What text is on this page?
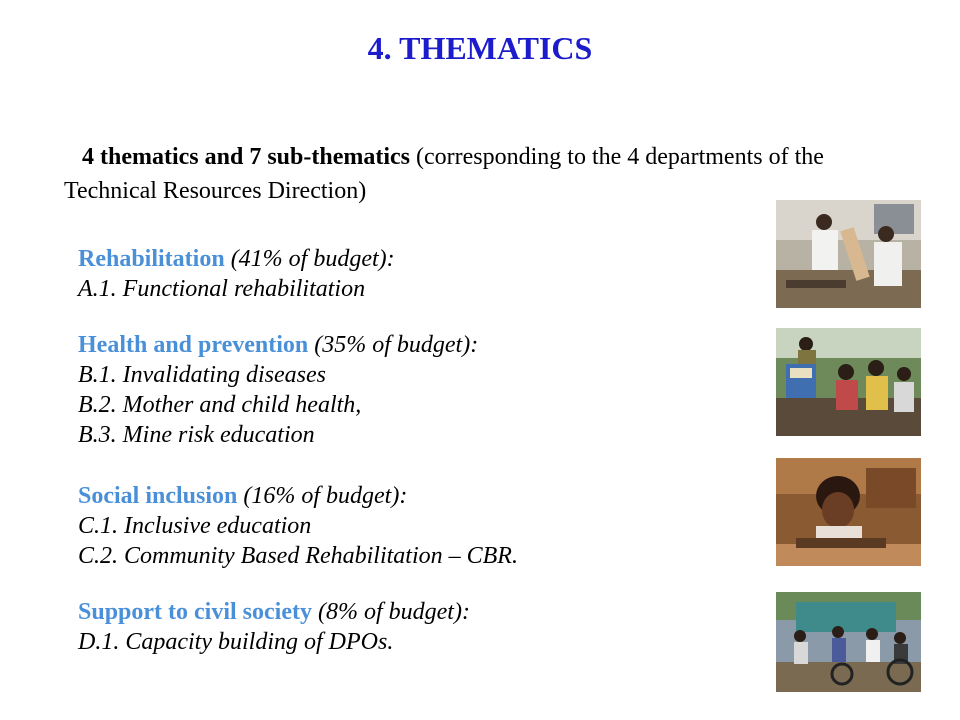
4. THEMATICS
4 thematics and 7 sub-thematics (corresponding to the 4 departments of the Technical Resources Direction)
Rehabilitation (41% of budget):
A.1. Functional rehabilitation
Health and prevention (35% of budget):
B.1. Invalidating diseases
B.2. Mother and child health,
B.3. Mine risk education
Social inclusion (16% of budget):
C.1. Inclusive education
C.2. Community Based Rehabilitation – CBR.
Support to civil society (8% of budget):
D.1. Capacity building of DPOs.
